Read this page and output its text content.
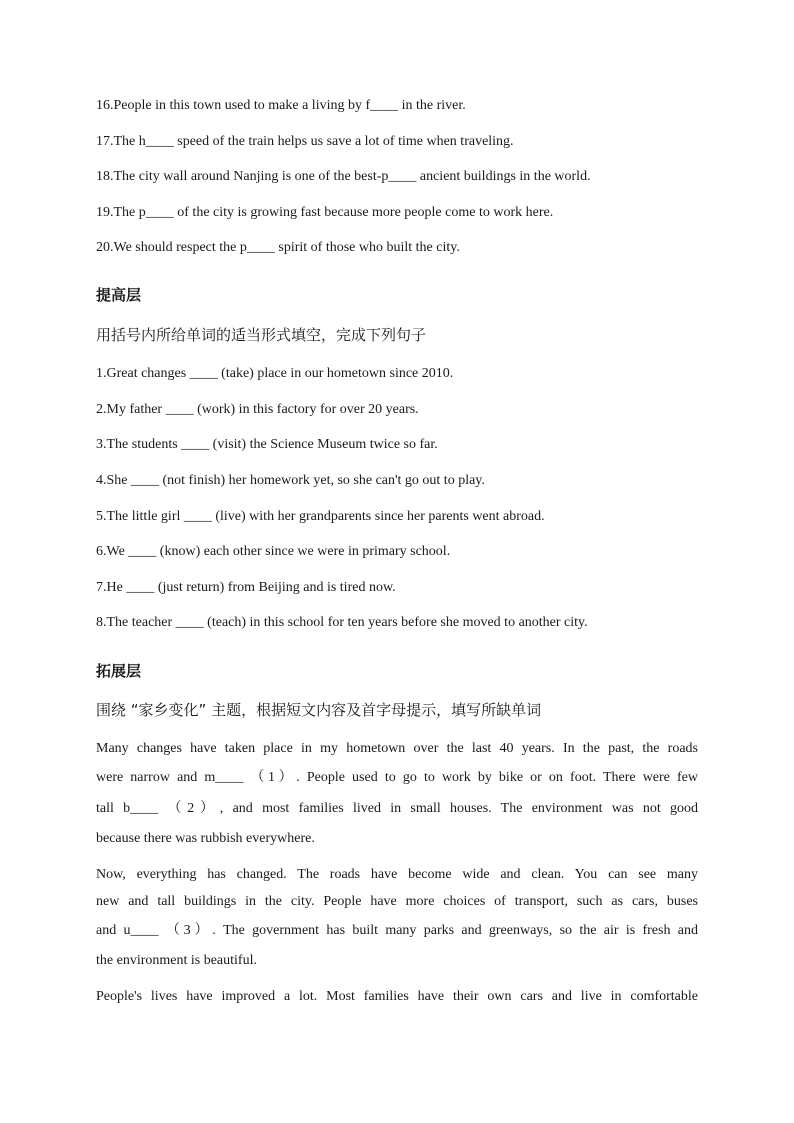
16.People in this town used to make a living by f____ in the river.
17.The h____ speed of the train helps us save a lot of time when traveling.
18.The city wall around Nanjing is one of the best-p____ ancient buildings in the world.
19.The p____ of the city is growing fast because more people come to work here.
20.We should respect the p____ spirit of those who built the city.
提高层
用括号内所给单词的适当形式填空，完成下列句子
1.Great changes ____ (take) place in our hometown since 2010.
2.My father ____ (work) in this factory for over 20 years.
3.The students ____ (visit) the Science Museum twice so far.
4.She ____ (not finish) her homework yet, so she can't go out to play.
5.The little girl ____ (live) with her grandparents since her parents went abroad.
6.We ____ (know) each other since we were in primary school.
7.He ____ (just return) from Beijing and is tired now.
8.The teacher ____ (teach) in this school for ten years before she moved to another city.
拓展层
围绕 “家乡变化” 主题，根据短文内容及首字母提示，填写所缺单词
Many changes have taken place in my hometown over the last 40 years. In the past, the roads
were narrow and m____ （1）. People used to go to work by bike or on foot. There were few
tall b____ （2）, and most families lived in small houses. The environment was not good
because there was rubbish everywhere.
Now, everything has changed. The roads have become wide and clean. You can see many
new and tall buildings in the city. People have more choices of transport, such as cars, buses
and u____ （3）. The government has built many parks and greenways, so the air is fresh and
the environment is beautiful.
People's lives have improved a lot. Most families have their own cars and live in comfortable
